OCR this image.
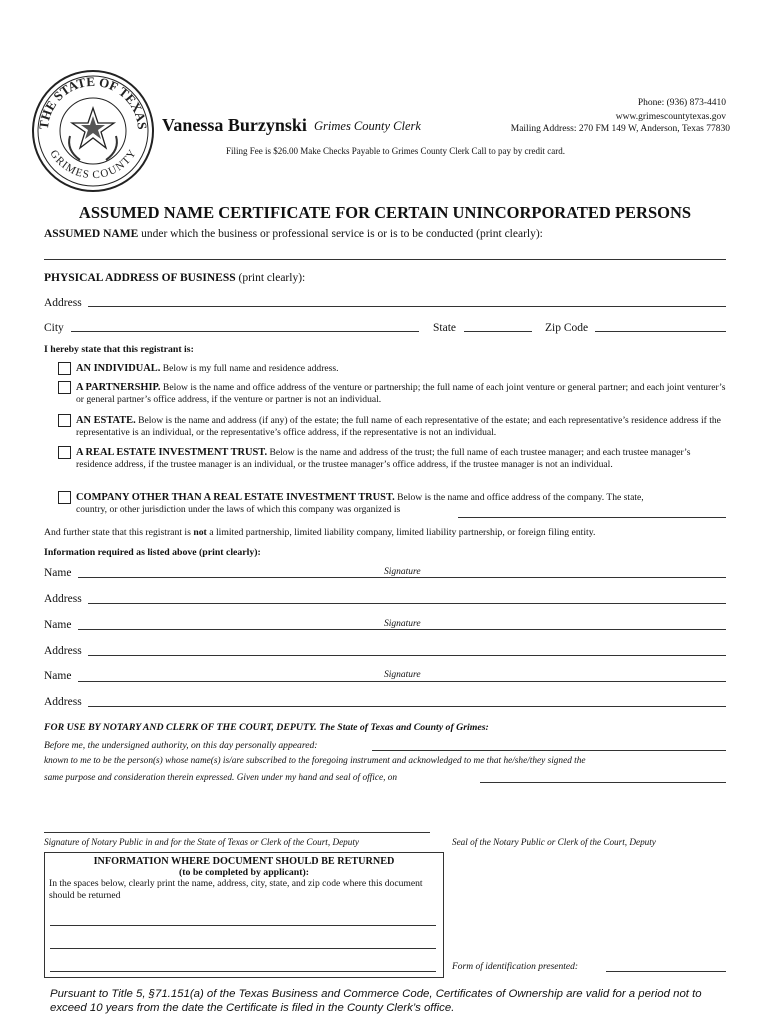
THE STATE OF TEXAS
GRIMES COUNTY
Vanessa Burzynski Grimes County Clerk
Phone: (936) 873-4410
www.grimescountytexas.gov
Mailing Address: 270 FM 149 W, Anderson, Texas 77830
Filing Fee is $26.00 Make Checks Payable to Grimes County Clerk Call to pay by credit card.
ASSUMED NAME CERTIFICATE FOR CERTAIN UNINCORPORATED PERSONS
ASSUMED NAME under which the business or professional service is or is to be conducted (print clearly):
PHYSICAL ADDRESS OF BUSINESS (print clearly):
Address
City	State	Zip Code
I hereby state that this registrant is:
AN INDIVIDUAL. Below is my full name and residence address.
A PARTNERSHIP. Below is the name and office address of the venture or partnership; the full name of each joint venture or general partner; and each joint venturer’s or general partner’s office address, if the venture or partner is not an individual.
AN ESTATE. Below is the name and address (if any) of the estate; the full name of each representative of the estate; and each representative’s residence address if the representative is an individual, or the representative’s office address, if the representative is not an individual.
A REAL ESTATE INVESTMENT TRUST. Below is the name and address of the trust; the full name of each trustee manager; and each trustee manager’s residence address, if the trustee manager is an individual, or the trustee manager’s office address, if the trustee manager is not an individual.
COMPANY OTHER THAN A REAL ESTATE INVESTMENT TRUST. Below is the name and office address of the company. The state, country, or other jurisdiction under the laws of which this company was organized is
And further state that this registrant is not a limited partnership, limited liability company, limited liability partnership, or foreign filing entity.
Information required as listed above (print clearly):
Name	Signature
Address
Name	Signature
Address
Name	Signature
Address
FOR USE BY NOTARY AND CLERK OF THE COURT, DEPUTY. The State of Texas and County of Grimes:
Before me, the undersigned authority, on this day personally appeared:
known to me to be the person(s) whose name(s) is/are subscribed to the foregoing instrument and acknowledged to me that he/she/they signed the
same purpose and consideration therein expressed. Given under my hand and seal of office, on
Signature of Notary Public in and for the State of Texas or Clerk of the Court, Deputy	Seal of the Notary Public or Clerk of the Court, Deputy
INFORMATION WHERE DOCUMENT SHOULD BE RETURNED
(to be completed by applicant):
In the spaces below, clearly print the name, address, city, state, and zip code where this document should be returned
Form of identification presented:
Pursuant to Title 5, §71.151(a) of the Texas Business and Commerce Code, Certificates of Ownership are valid for a period not to exceed 10 years from the date the Certificate is filed in the County Clerk’s office.
